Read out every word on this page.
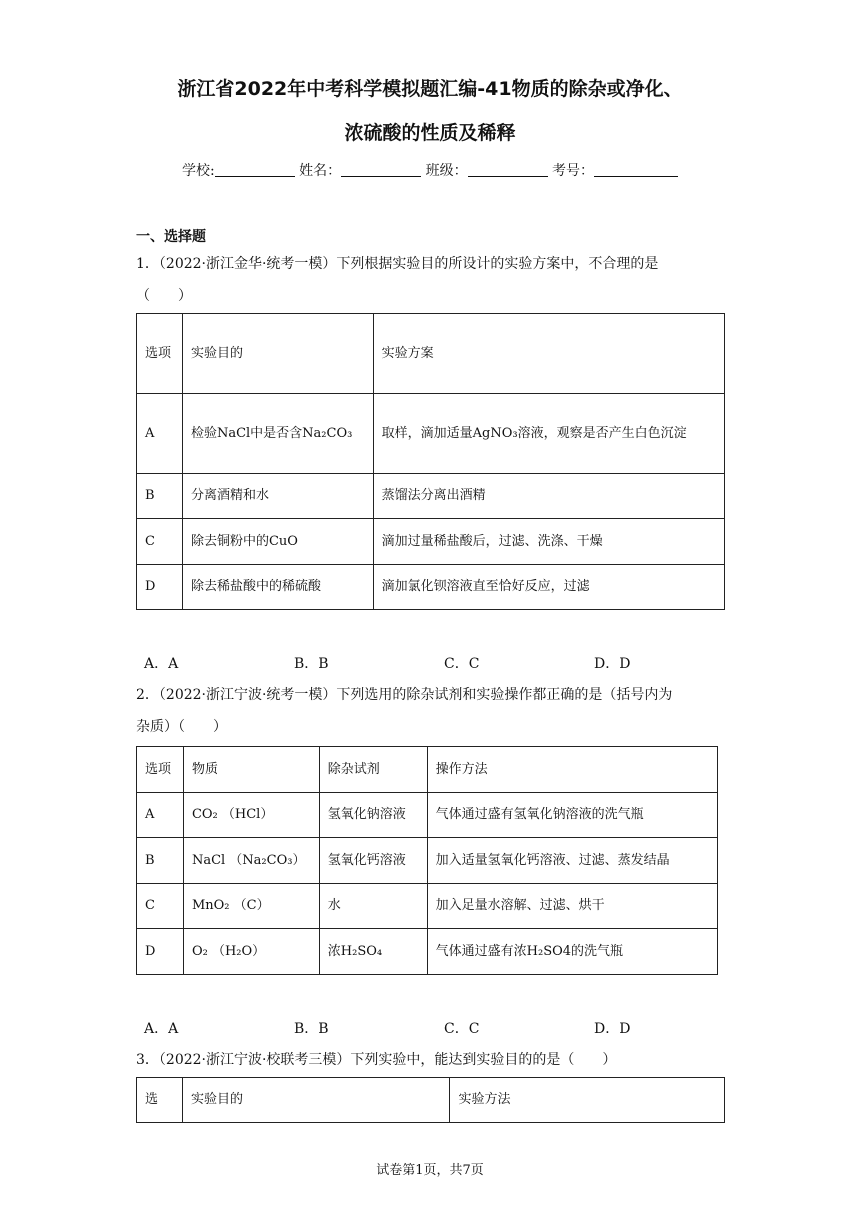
浙江省2022年中考科学模拟题汇编-41物质的除杂或净化、
浓硫酸的性质及稀释
学校:	姓名：	班级：	考号：
一、选择题
1．（2022·浙江金华·统考一模）下列根据实验目的所设计的实验方案中，不合理的是
（　　）
选项	实验目的	实验方案
A	检验NaCl中是否含Na₂CO₃	取样，滴加适量AgNO₃溶液，观察是否产生白色沉淀
B	分离酒精和水	蒸馏法分离出酒精
C	除去铜粉中的CuO	滴加过量稀盐酸后，过滤、洗涤、干燥
D	除去稀盐酸中的稀硫酸	滴加氯化钡溶液直至恰好反应，过滤
A．A	B．B	C．C	D．D
2．（2022·浙江宁波·统考一模）下列选用的除杂试剂和实验操作都正确的是（括号内为
杂质）（　　）
选项	物质	除杂试剂	操作方法
A	CO₂ （HCl）	氢氧化钠溶液	气体通过盛有氢氧化钠溶液的洗气瓶
B	NaCl （Na₂CO₃）	氢氧化钙溶液	加入适量氢氧化钙溶液、过滤、蒸发结晶
C	MnO₂ （C）	水	加入足量水溶解、过滤、烘干
D	O₂ （H₂O）	浓H₂SO₄	气体通过盛有浓H₂SO4的洗气瓶
A．A	B．B	C．C	D．D
3．（2022·浙江宁波·校联考三模）下列实验中，能达到实验目的的是（　　）
选	实验目的	实验方法
试卷第1页，共7页
